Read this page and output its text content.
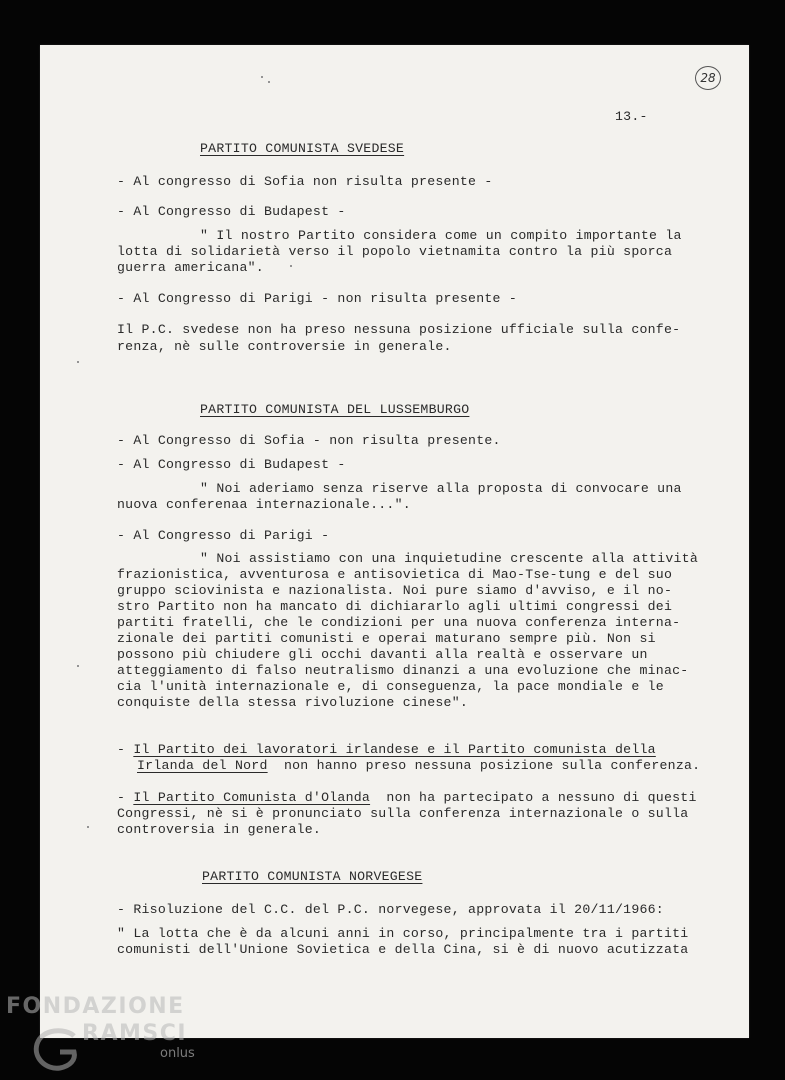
28
13.-
PARTITO COMUNISTA SVEDESE
- Al congresso di Sofia non risulta presente -
- Al Congresso di Budapest -
" Il nostro Partito considera come un compito importante la
lotta di solidarietà verso il popolo vietnamita contro la più sporca
guerra americana".
- Al Congresso di Parigi - non risulta presente -
Il P.C. svedese non ha preso nessuna posizione ufficiale sulla confe-
renza, nè sulle controversie in generale.
PARTITO COMUNISTA DEL LUSSEMBURGO
- Al Congresso di Sofia - non risulta presente.
- Al Congresso di Budapest -
" Noi aderiamo senza riserve alla proposta di convocare una
nuova conferenaa internazionale...".
- Al Congresso di Parigi -
" Noi assistiamo con una inquietudine crescente alla attività
frazionistica, avventurosa e antisovietica di Mao-Tse-tung e del suo
gruppo sciovinista e nazionalista. Noi pure siamo d'avviso, e il no-
stro Partito non ha mancato di dichiararlo agli ultimi congressi dei
partiti fratelli, che le condizioni per una nuova conferenza interna-
zionale dei partiti comunisti e operai maturano sempre più. Non si
possono più chiudere gli occhi davanti alla realtà e osservare un
atteggiamento di falso neutralismo dinanzi a una evoluzione che minac-
cia l'unità internazionale e, di conseguenza, la pace mondiale e le
conquiste della stessa rivoluzione cinese".
- Il Partito dei lavoratori irlandese e il Partito comunista della
Irlanda del Nord  non hanno preso nessuna posizione sulla conferenza.
- Il Partito Comunista d'Olanda  non ha partecipato a nessuno di questi
Congressi, nè si è pronunciato sulla conferenza internazionale o sulla
controversia in generale.
PARTITO COMUNISTA NORVEGESE
- Risoluzione del C.C. del P.C. norvegese, approvata il 20/11/1966:
" La lotta che è da alcuni anni in corso, principalmente tra i partiti
comunisti dell'Unione Sovietica e della Cina, si è di nuovo acutizzata
FONDAZIONE
RAMSCI
onlus
